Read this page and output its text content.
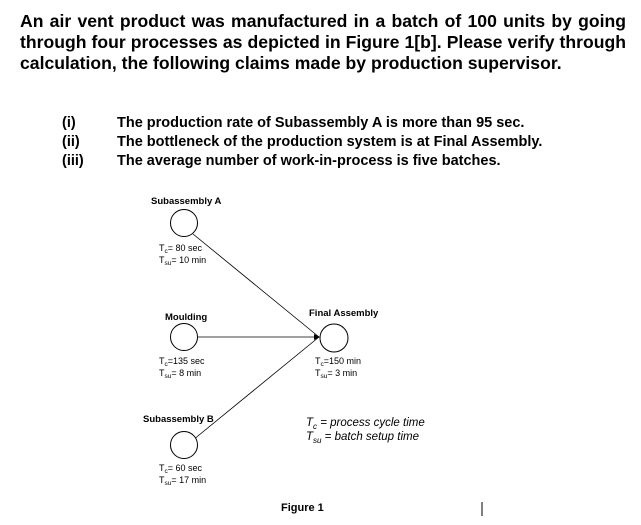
An air vent product was manufactured in a batch of 100 units by going through four processes as depicted in Figure 1[b]. Please verify through calculation, the following claims made by production supervisor.
(i)	The production rate of Subassembly A is more than 95 sec.
(ii)	The bottleneck of the production system is at Final Assembly.
(iii) The average number of work-in-process is five batches.
Subassembly A
$T_c= 80$ sec
$T_{su}= 10$ min
Moulding
$T_c=135$ sec
$T_{su}= 8$ min
Subassembly B
$T_c= 60$ sec
$T_{su}= 17$ min
Final Assembly
$T_c=150$ min
$T_{su}= 3$ min
$T_c$ = process cycle time
$T_{su}$ = batch setup time
Figure 1
